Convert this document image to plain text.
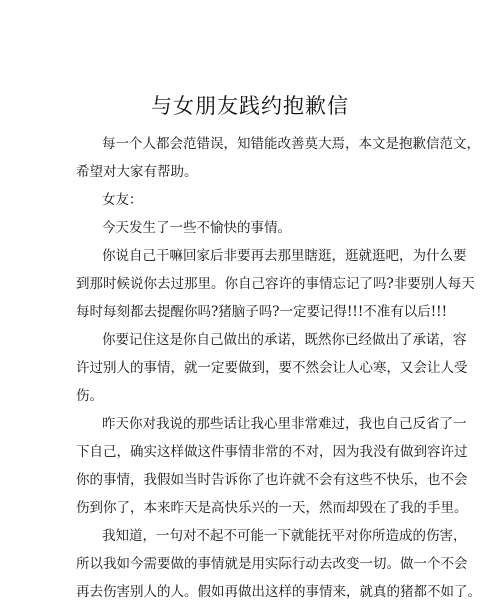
与女朋友践约抱歉信

每一个人都会范错误，知错能改善莫大焉，本文是抱歉信范文，
希望对大家有帮助。

女友：

今天发生了一些不愉快的事情。

你说自己干嘛回家后非要再去那里瞎逛，逛就逛吧，为什么要
到那时候说你去过那里。你自己容许的事情忘记了吗?非要别人每天
每时每刻都去提醒你吗?猪脑子吗?一定要记得!!!不准有以后!!!

你要记住这是你自己做出的承诺，既然你已经做出了承诺，容
许过别人的事情，就一定要做到，要不然会让人心寒，又会让人受
伤。

昨天你对我说的那些话让我心里非常难过，我也自己反省了一
下自己，确实这样做这件事情非常的不对，因为我没有做到容许过
你的事情，我假如当时告诉你了也许就不会有这些不快乐，也不会
伤到你了，本来昨天是高快乐兴的一天，然而却毁在了我的手里。

我知道，一句对不起不可能一下就能抚平对你所造成的伤害，
所以我如今需要做的事情就是用实际行动去改变一切。做一个不会
再去伤害别人的人。假如再做出这样的事情来，就真的猪都不如了。
